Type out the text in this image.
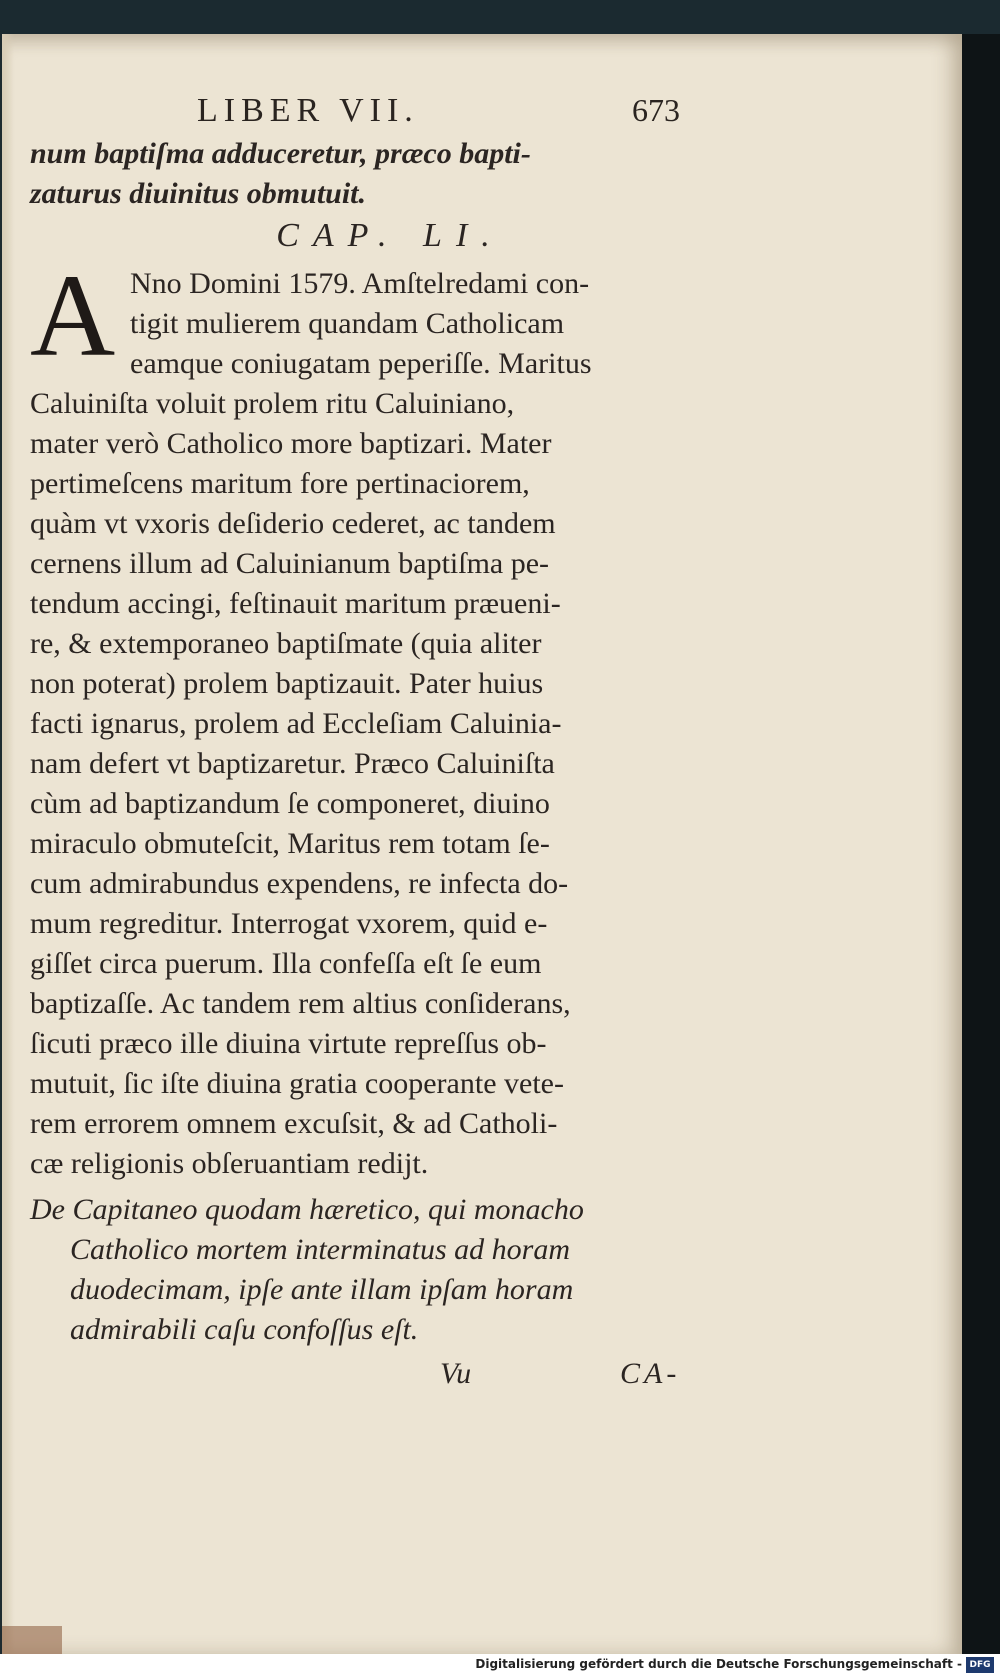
LIBER VII.	673
num baptiſma adduceretur, præco bapti-
zaturus diuinitus obmutuit.
CAP. LI.
A Nno Domini 1579. Amſtelredami con-
tigit mulierem quandam Catholicam
eamque coniugatam peperiſſe. Maritus
Caluiniſta voluit prolem ritu Caluiniano,
mater verò Catholico more baptizari. Mater
pertimeſcens maritum fore pertinaciorem,
quàm vt vxoris deſiderio cederet, ac tandem
cernens illum ad Caluinianum baptiſma pe-
tendum accingi, feſtinauit maritum præueni-
re, & extemporaneo baptiſmate (quia aliter
non poterat) prolem baptizauit. Pater huius
facti ignarus, prolem ad Eccleſiam Caluinia-
nam defert vt baptizaretur. Præco Caluiniſta
cùm ad baptizandum ſe componeret, diuino
miraculo obmuteſcit, Maritus rem totam ſe-
cum admirabundus expendens, re infecta do-
mum regreditur. Interrogat vxorem, quid e-
giſſet circa puerum. Illa confeſſa eſt ſe eum
baptizaſſe. Ac tandem rem altius conſiderans,
ſicuti præco ille diuina virtute repreſſus ob-
mutuit, ſic iſte diuina gratia cooperante vete-
rem errorem omnem excuſsit, & ad Catholi-
cæ religionis obſeruantiam redijt.
De Capitaneo quodam hæretico, qui monacho
Catholico mortem interminatus ad horam
duodecimam, ipſe ante illam ipſam horam
admirabili caſu confoſſus eſt.
Vu	CA-
Digitalisierung gefördert durch die Deutsche Forschungsgemeinschaft - DFG
